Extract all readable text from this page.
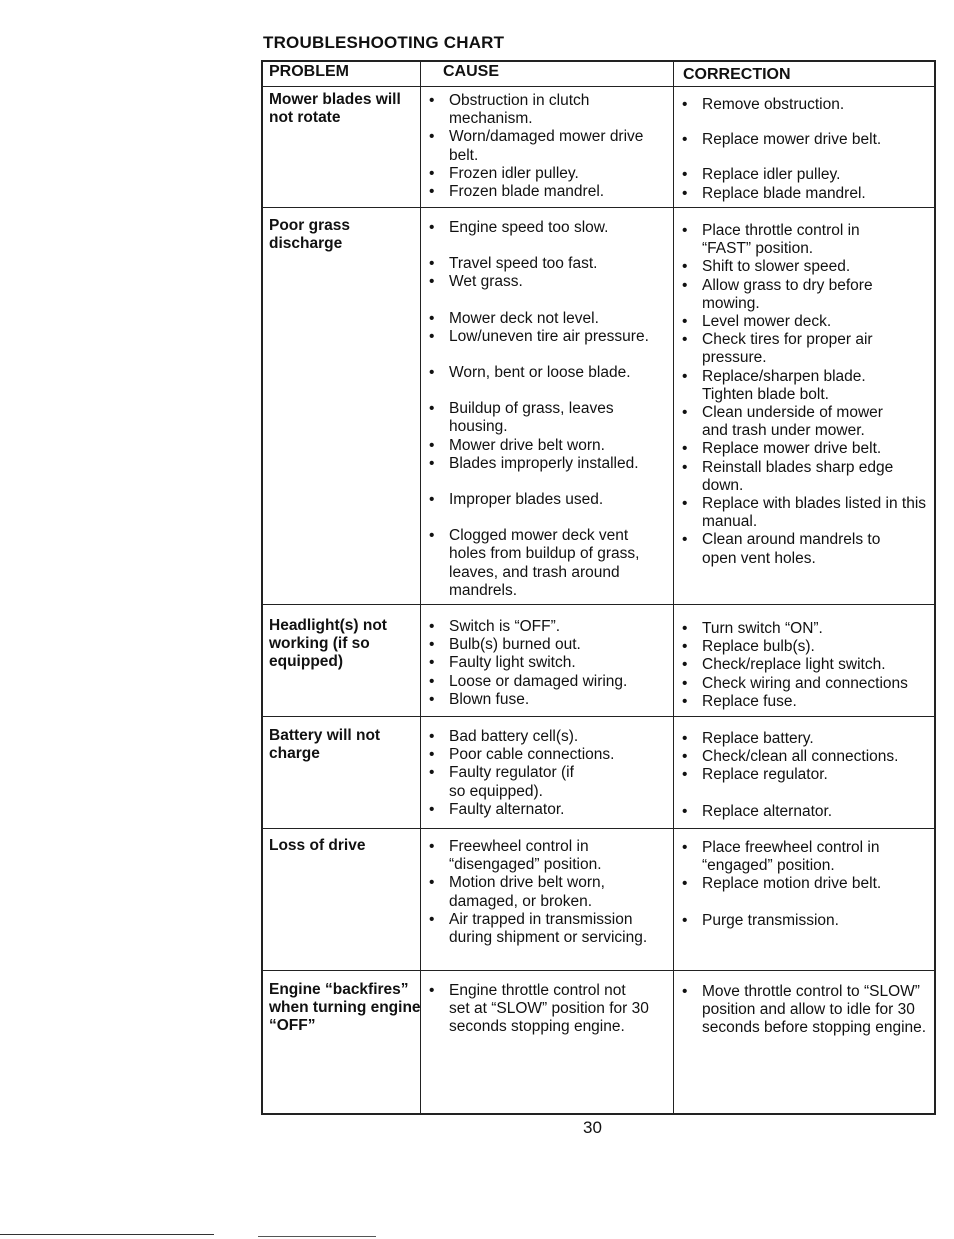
TROUBLESHOOTING CHART
PROBLEM	CAUSE	CORRECTION
Mower blades will not rotate
• Obstruction in clutch mechanism.
• Worn/damaged mower drive belt.
• Frozen idler pulley.
• Frozen blade mandrel.
• Remove obstruction.
• Replace mower drive belt.
• Replace idler pulley.
• Replace blade mandrel.
Poor grass discharge
• Engine speed too slow.
• Travel speed too fast.
• Wet grass.
• Mower deck not level.
• Low/uneven tire air pressure.
• Worn, bent or loose blade.
• Buildup of grass, leaves housing.
• Mower drive belt worn.
• Blades improperly installed.
• Improper blades used.
• Clogged mower deck vent holes from buildup of grass, leaves, and trash around mandrels.
• Place throttle control in “FAST” position.
• Shift to slower speed.
• Allow grass to dry before mowing.
• Level mower deck.
• Check tires for proper air pressure.
• Replace/sharpen blade. Tighten blade bolt.
• Clean underside of mower and trash under mower.
• Replace mower drive belt.
• Reinstall blades sharp edge down.
• Replace with blades listed in this manual.
• Clean around mandrels to open vent holes.
Headlight(s) not working (if so equipped)
• Switch is “OFF”.
• Bulb(s) burned out.
• Faulty light switch.
• Loose or damaged wiring.
• Blown fuse.
• Turn switch “ON”.
• Replace bulb(s).
• Check/replace light switch.
• Check wiring and connections
• Replace fuse.
Battery will not charge
• Bad battery cell(s).
• Poor cable connections.
• Faulty regulator (if so equipped).
• Faulty alternator.
• Replace battery.
• Check/clean all connections.
• Replace regulator.
• Replace alternator.
Loss of drive
•	Freewheel control in “disengaged” position.
• Motion drive belt worn, damaged, or broken.
• Air trapped in transmission during shipment or servicing.
• Place freewheel control in “engaged” position.
• Replace motion drive belt.
• Purge transmission.
Engine “backfires” when turning engine “OFF”
• Engine throttle control not set at “SLOW” position for 30 seconds stopping engine.
• Move throttle control to “SLOW” position and allow to idle for 30 seconds before stopping engine.
30
